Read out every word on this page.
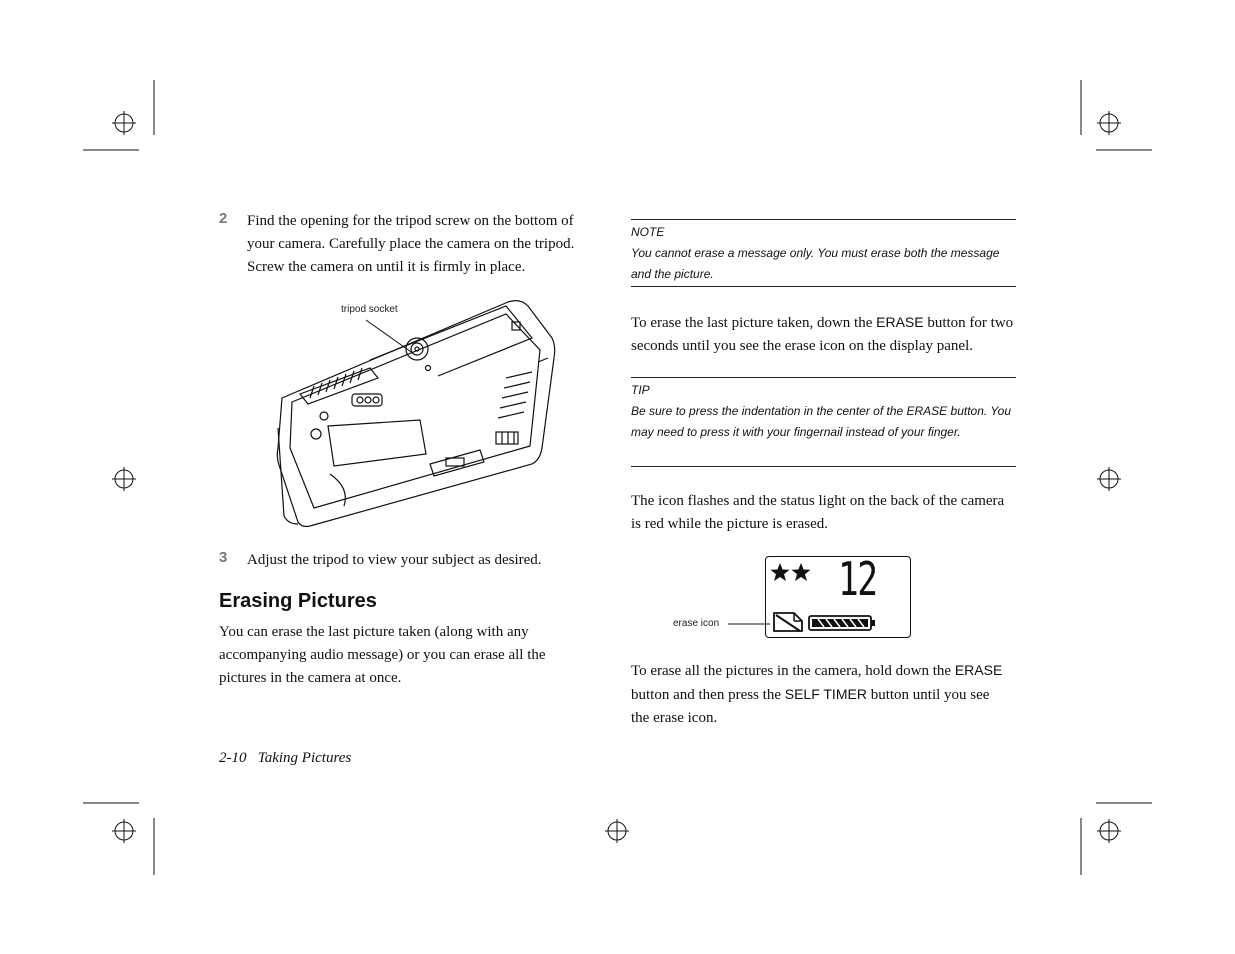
2 Find the opening for the tripod screw on the bottom of your camera. Carefully place the camera on the tripod. Screw the camera on until it is firmly in place.
tripod socket
3 Adjust the tripod to view your subject as desired.
Erasing Pictures
You can erase the last picture taken (along with any accompanying audio message) or you can erase all the pictures in the camera at once.
2-10 Taking Pictures
NOTE
You cannot erase a message only. You must erase both the message and the picture.
To erase the last picture taken, down the ERASE button for two seconds until you see the erase icon on the display panel.
TIP
Be sure to press the indentation in the center of the ERASE button. You may need to press it with your fingernail instead of your finger.
The icon flashes and the status light on the back of the camera is red while the picture is erased.
erase icon
12
To erase all the pictures in the camera, hold down the ERASE button and then press the SELF TIMER button until you see the erase icon.
